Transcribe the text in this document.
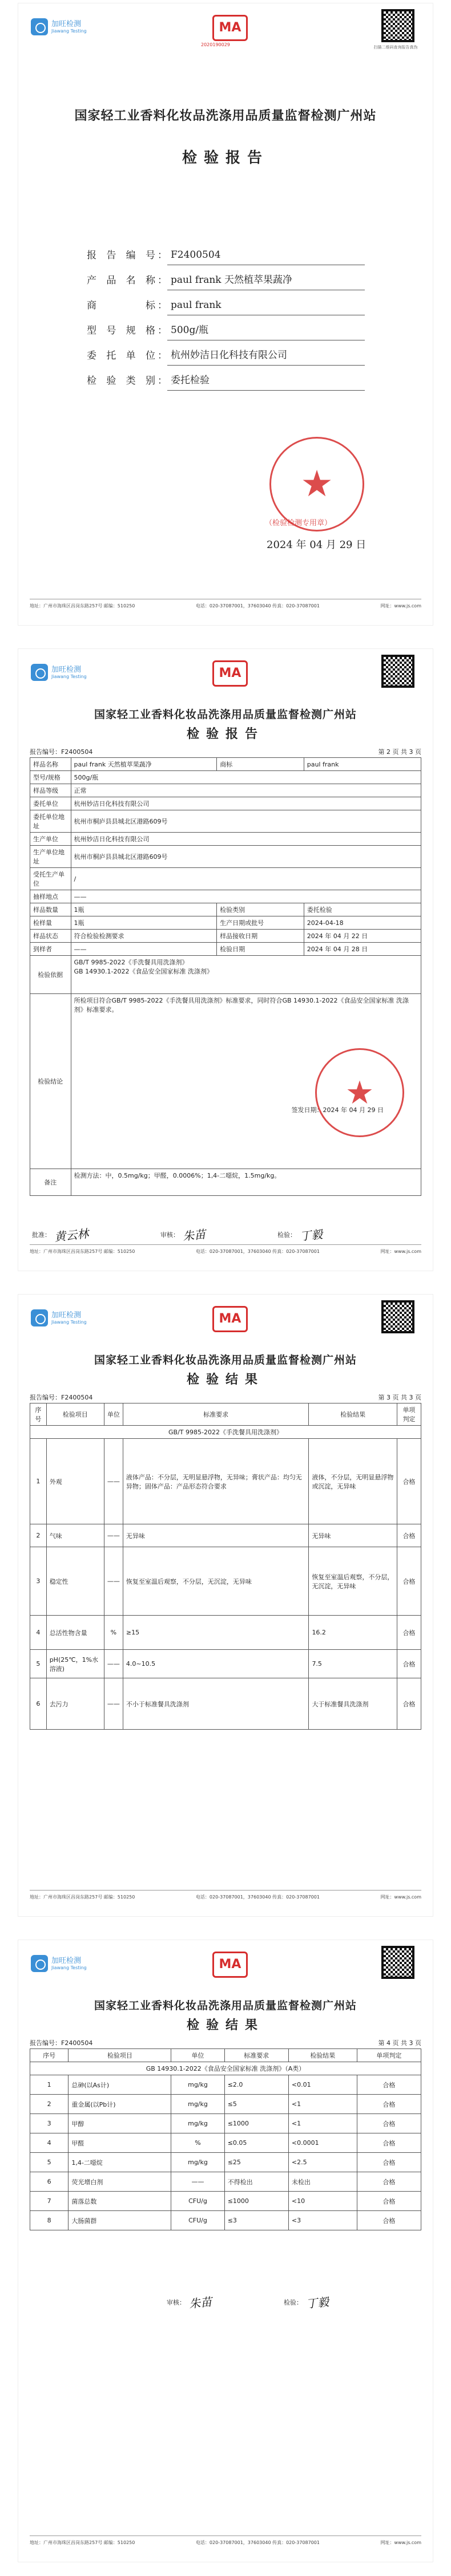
加旺检测
Jiawang Testing	MA
2020190029	扫描二维码查询报告真伪
国家轻工业香料化妆品洗涤用品质量监督检测广州站
检验报告
报告编号 ： F2400504
产品名称 ： paul frank 天然植萃果蔬净
商标 ： paul frank
型号规格 ： 500g/瓶
委托单位 ： 杭州妙洁日化科技有限公司
检验类别 ： 委托检验
★
（检验检测专用章）
2024 年 04 月 29 日
地址：广州市海珠区昌岗东路257号 邮编：510250	电话：020-37087001，37603040 传真：020-37087001	网址：www.js.com
加旺检测
Jiawang Testing	MA
国家轻工业香料化妆品洗涤用品质量监督检测广州站
检验报告
报告编号：F2400504	第 2 页 共 3 页
样品名称	paul frank 天然植萃果蔬净	商标	paul frank
型号/规格	500g/瓶		
样品等级	正常		
委托单位	杭州妙洁日化科技有限公司		
委托单位地址	杭州市桐庐县县城北区港路609号		
生产单位	杭州妙洁日化科技有限公司		
生产单位地址	杭州市桐庐县县城北区港路609号		
受托生产单位	/		
抽样地点	——		
样品数量	1瓶	检验类别	委托检验
检样量	1瓶	生产日期或批号	2024-04-18
样品状态	符合检验检测要求	样品接收日期	2024 年 04 月 22 日
到样者	——	检验日期	2024 年 04 月 28 日
检验依据	GB/T 9985-2022《手洗餐具用洗涤剂》
GB 14930.1-2022《食品安全国家标准 洗涤剂》		
检验结论	所检项目符合GB/T 9985-2022《手洗餐具用洗涤剂》标准要求，同时符合GB 14930.1-2022《食品安全国家标准 洗涤剂》标准要求。
签发日期：2024 年 04 月 29 日		

备注	检测方法：中，0.5mg/kg；甲醛，0.0006%；1,4-二噁烷，1.5mg/kg。		
批准： 黄云林	审核： 朱苗	检验： 丁毅
★
地址：广州市海珠区昌岗东路257号 邮编：510250	电话：020-37087001，37603040 传真：020-37087001	网址：www.js.com
加旺检测
Jiawang Testing	MA
国家轻工业香料化妆品洗涤用品质量监督检测广州站
检验结果
报告编号：F2400504	第 3 页 共 3 页
序号	检验项目	单位	标准要求	检验结果	单项判定
GB/T 9985-2022《手洗餐具用洗涤剂》					
1	外观	——	液体产品：不分层，无明显悬浮物，无异味；膏状产品：均匀无异物；固体产品：产品形态符合要求	液体，不分层，无明显悬浮物或沉淀，无异味	合格
2	气味	——	无异味	无异味	合格
3	稳定性	——	恢复至室温后观察，不分层，无沉淀，无异味	恢复至室温后观察，不分层，无沉淀，无异味	合格
4	总活性物含量	%	≥15	16.2	合格
5	pH(25℃，1%水溶液)	——	4.0~10.5	7.5	合格
6	去污力	——	不小于标准餐具洗涤剂	大于标准餐具洗涤剂	合格
地址：广州市海珠区昌岗东路257号 邮编：510250	电话：020-37087001，37603040 传真：020-37087001	网址：www.js.com
加旺检测
Jiawang Testing	MA
国家轻工业香料化妆品洗涤用品质量监督检测广州站
检验结果
报告编号：F2400504	第 4 页 共 3 页
序号	检验项目	单位	标准要求	检验结果	单项判定
GB 14930.1-2022《食品安全国家标准 洗涤剂》（A类）					
1	总砷(以As计)	mg/kg	≤2.0	<0.01	合格
2	重金属(以Pb计)	mg/kg	≤5	<1	合格
3	甲醇	mg/kg	≤1000	<1	合格
4	甲醛	%	≤0.05	<0.0001	合格
5	1,4-二噁烷	mg/kg	≤25	<2.5	合格
6	荧光增白剂	——	不得检出	未检出	合格
7	菌落总数	CFU/g	≤1000	<10	合格
8	大肠菌群	CFU/g	≤3	<3	合格
审核： 朱苗	检验： 丁毅
地址：广州市海珠区昌岗东路257号 邮编：510250	电话：020-37087001，37603040 传真：020-37087001	网址：www.js.com
